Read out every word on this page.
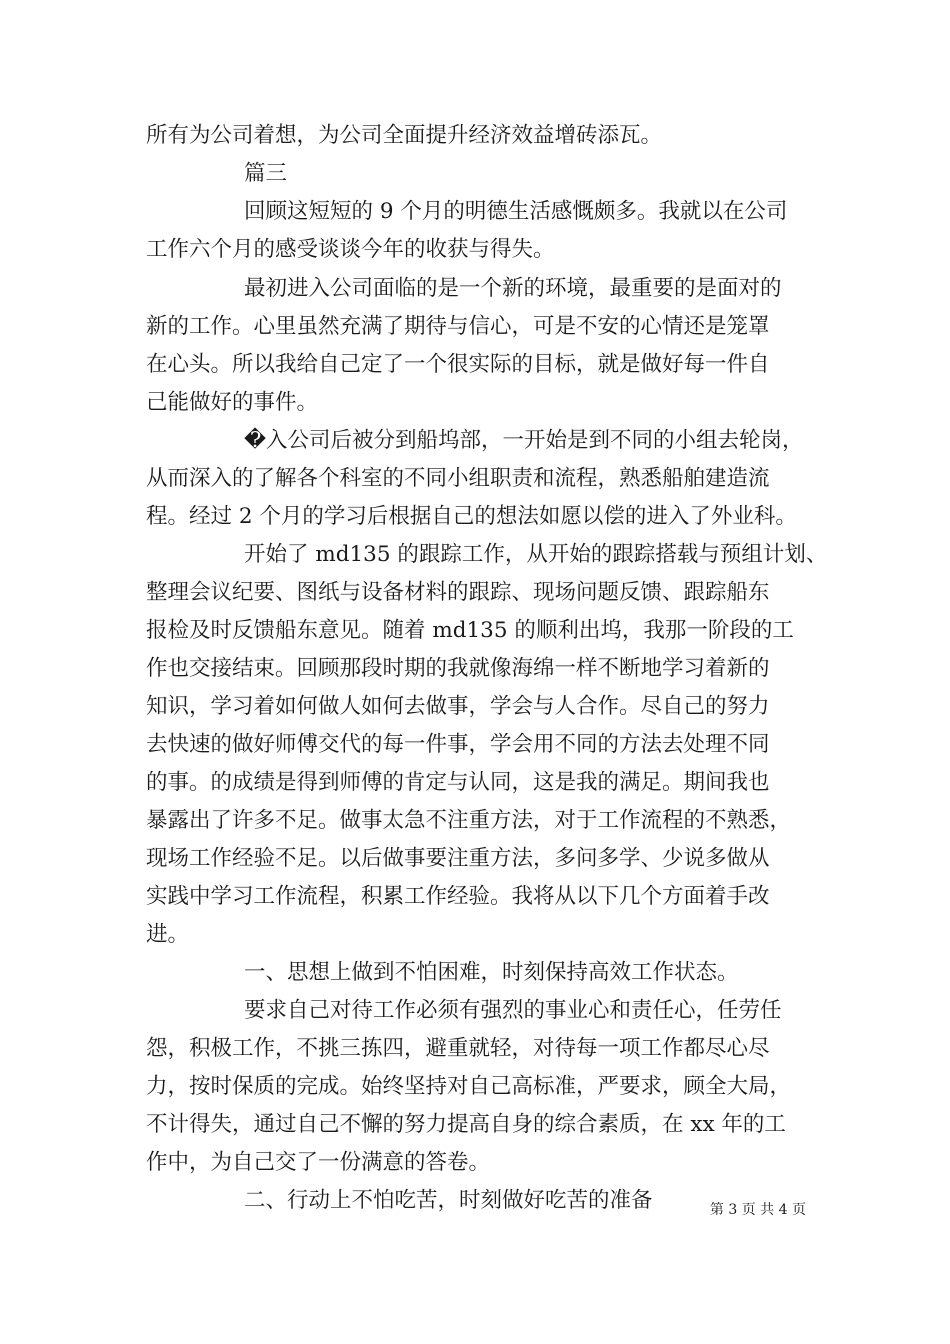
所有为公司着想，为公司全面提升经济效益增砖添瓦。
篇三
回顾这短短的 9 个月的明德生活感慨颇多。我就以在公司
工作六个月的感受谈谈今年的收获与得失。
最初进入公司面临的是一个新的环境，最重要的是面对的
新的工作。心里虽然充满了期待与信心，可是不安的心情还是笼罩
在心头。所以我给自己定了一个很实际的目标，就是做好每一件自
己能做好的事件。
�入公司后被分到船坞部，一开始是到不同的小组去轮岗，
从而深入的了解各个科室的不同小组职责和流程，熟悉船舶建造流
程。经过 2 个月的学习后根据自己的想法如愿以偿的进入了外业科。
开始了 md135 的跟踪工作，从开始的跟踪搭载与预组计划、
整理会议纪要、图纸与设备材料的跟踪、现场问题反馈、跟踪船东
报检及时反馈船东意见。随着 md135 的顺利出坞，我那一阶段的工
作也交接结束。回顾那段时期的我就像海绵一样不断地学习着新的
知识，学习着如何做人如何去做事，学会与人合作。尽自己的努力
去快速的做好师傅交代的每一件事，学会用不同的方法去处理不同
的事。的成绩是得到师傅的肯定与认同，这是我的满足。期间我也
暴露出了许多不足。做事太急不注重方法，对于工作流程的不熟悉，
现场工作经验不足。以后做事要注重方法，多问多学、少说多做从
实践中学习工作流程，积累工作经验。我将从以下几个方面着手改
进。
一、思想上做到不怕困难，时刻保持高效工作状态。
要求自己对待工作必须有强烈的事业心和责任心，任劳任
怨，积极工作，不挑三拣四，避重就轻，对待每一项工作都尽心尽
力，按时保质的完成。始终坚持对自己高标准，严要求，顾全大局，
不计得失，通过自己不懈的努力提高自身的综合素质，在 xx 年的工
作中，为自己交了一份满意的答卷。
二、行动上不怕吃苦，时刻做好吃苦的准备	第 3 页 共 4 页
